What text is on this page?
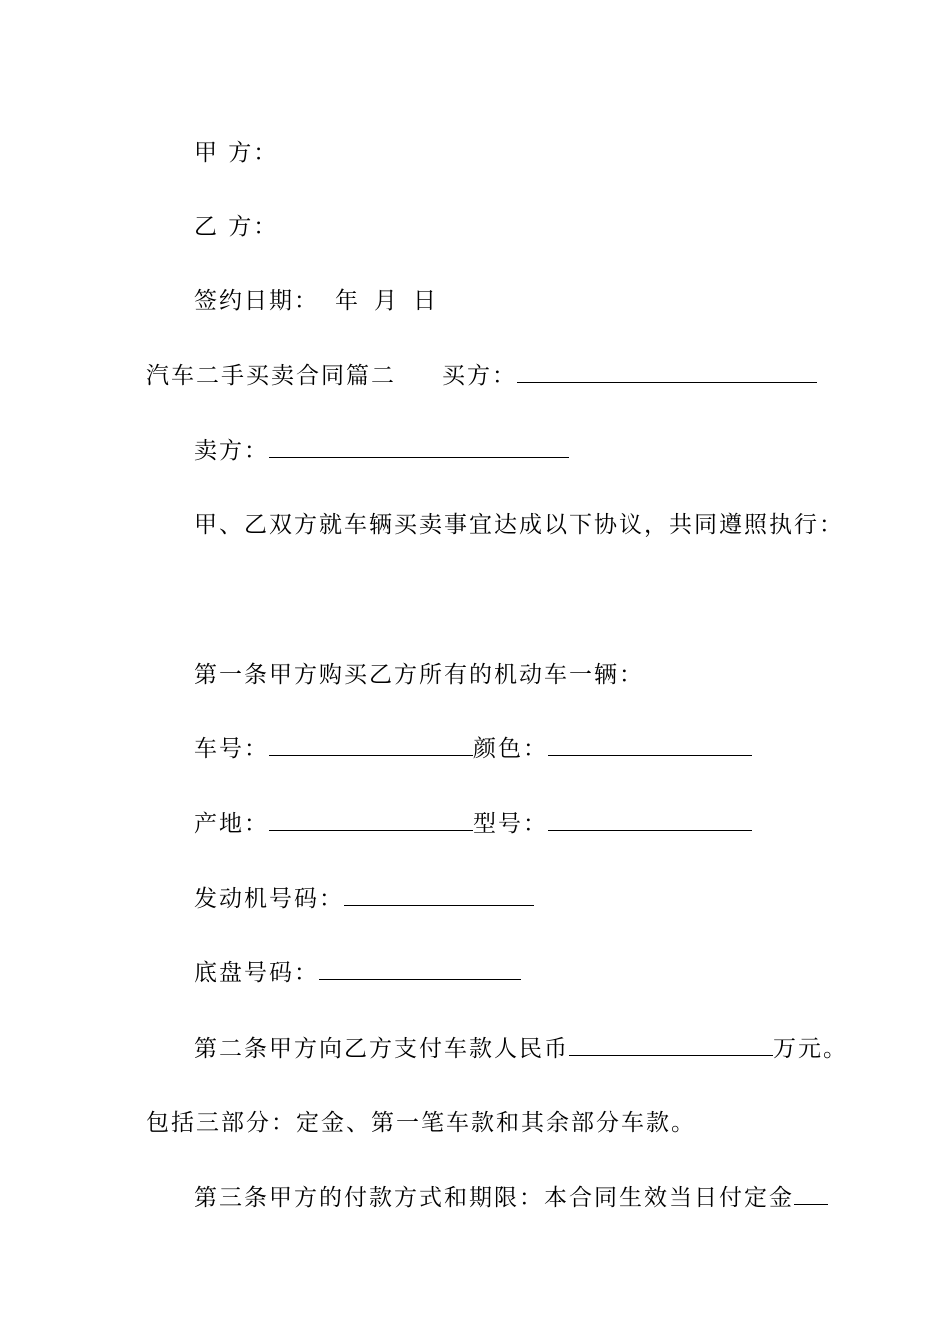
甲 方：
乙 方：
签约日期： 年 月 日
汽车二手买卖合同篇二 买方：
卖方：
甲、乙双方就车辆买卖事宜达成以下协议，共同遵照执行：
第一条甲方购买乙方所有的机动车一辆：
车号：	颜色：
产地：	型号：
发动机号码：
底盘号码：
第二条甲方向乙方支付车款人民币	万元。
包括三部分：定金、第一笔车款和其余部分车款。
第三条甲方的付款方式和期限：本合同生效当日付定金
